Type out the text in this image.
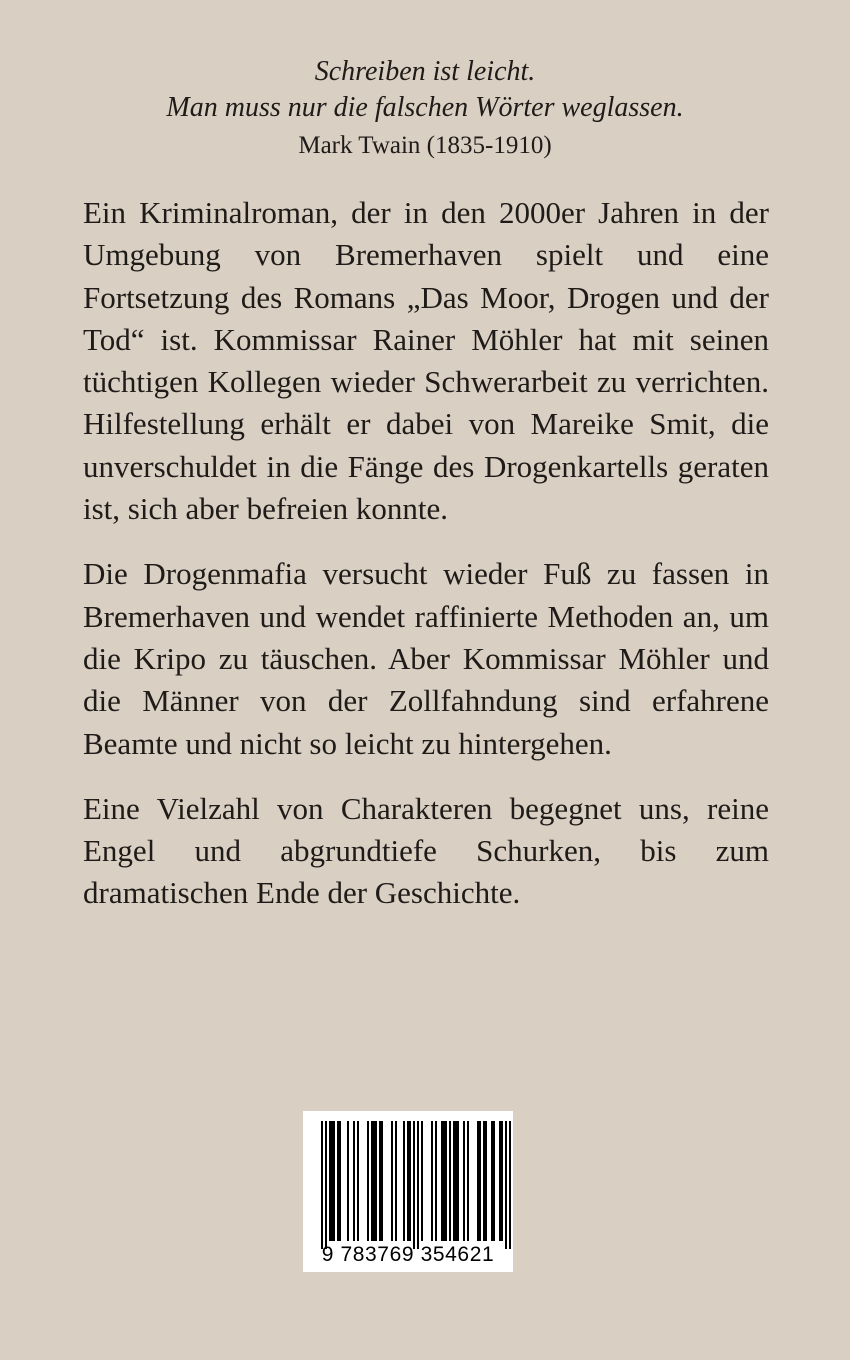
Schreiben ist leicht.

Man muss nur die falschen Wörter weglassen.

Mark Twain (1835-1910)

Ein Kriminalroman, der in den 2000er Jahren in der Umgebung von Bremerhaven spielt und eine Fortsetzung des Romans „Das Moor, Drogen und der Tod“ ist. Kommissar Rainer Möhler hat mit seinen tüchtigen Kollegen wieder Schwerarbeit zu verrichten. Hilfestellung erhält er dabei von Mareike Smit, die unverschuldet in die Fänge des Drogenkartells geraten ist, sich aber befreien konnte.

Die Drogenmafia versucht wieder Fuß zu fassen in Bremerhaven und wendet raffinierte Methoden an, um die Kripo zu täuschen. Aber Kommissar Möhler und die Männer von der Zollfahndung sind erfahrene Beamte und nicht so leicht zu hintergehen.

Eine Vielzahl von Charakteren begegnet uns, reine Engel und abgrundtiefe Schurken, bis zum dramatischen Ende der Geschichte.

9 783769 354621
